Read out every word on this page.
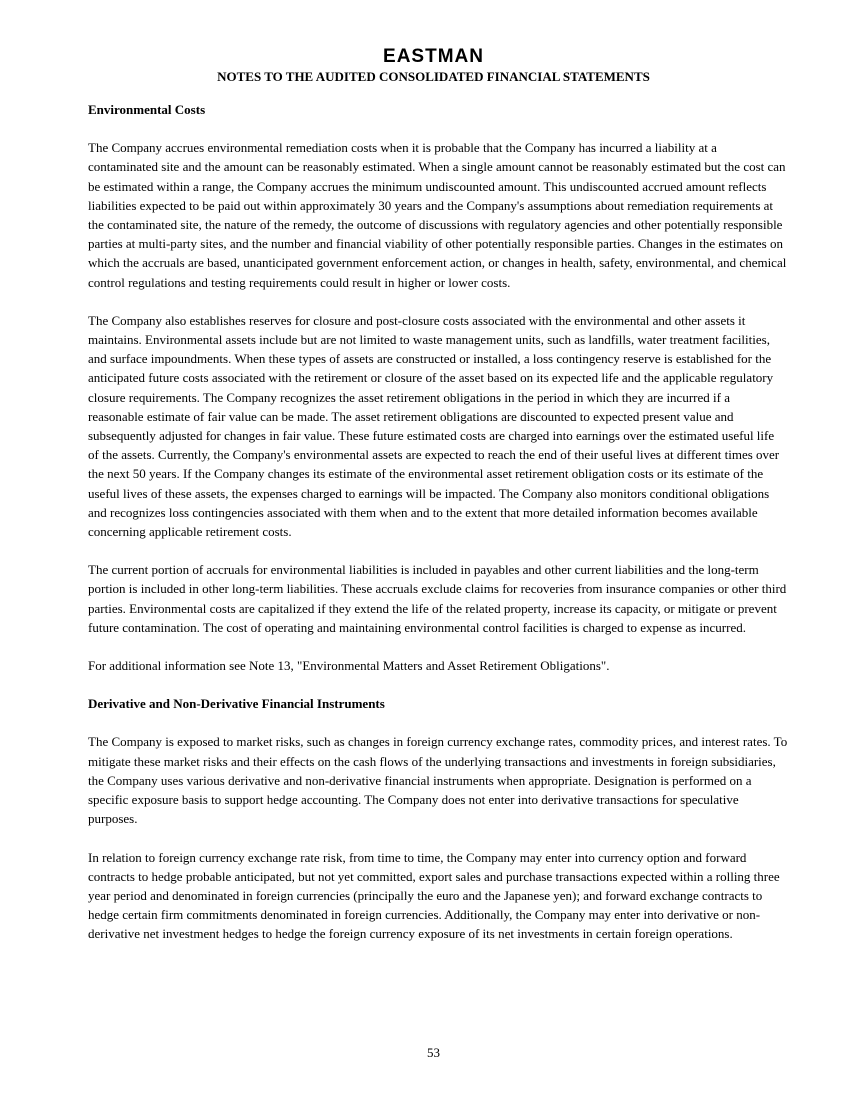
EASTMAN
NOTES TO THE AUDITED CONSOLIDATED FINANCIAL STATEMENTS
Environmental Costs

The Company accrues environmental remediation costs when it is probable that the Company has incurred a liability at a contaminated site and the amount can be reasonably estimated. When a single amount cannot be reasonably estimated but the cost can be estimated within a range, the Company accrues the minimum undiscounted amount. This undiscounted accrued amount reflects liabilities expected to be paid out within approximately 30 years and the Company's assumptions about remediation requirements at the contaminated site, the nature of the remedy, the outcome of discussions with regulatory agencies and other potentially responsible parties at multi-party sites, and the number and financial viability of other potentially responsible parties. Changes in the estimates on which the accruals are based, unanticipated government enforcement action, or changes in health, safety, environmental, and chemical control regulations and testing requirements could result in higher or lower costs.

The Company also establishes reserves for closure and post-closure costs associated with the environmental and other assets it maintains. Environmental assets include but are not limited to waste management units, such as landfills, water treatment facilities, and surface impoundments. When these types of assets are constructed or installed, a loss contingency reserve is established for the anticipated future costs associated with the retirement or closure of the asset based on its expected life and the applicable regulatory closure requirements. The Company recognizes the asset retirement obligations in the period in which they are incurred if a reasonable estimate of fair value can be made. The asset retirement obligations are discounted to expected present value and subsequently adjusted for changes in fair value. These future estimated costs are charged into earnings over the estimated useful life of the assets. Currently, the Company's environmental assets are expected to reach the end of their useful lives at different times over the next 50 years. If the Company changes its estimate of the environmental asset retirement obligation costs or its estimate of the useful lives of these assets, the expenses charged to earnings will be impacted. The Company also monitors conditional obligations and recognizes loss contingencies associated with them when and to the extent that more detailed information becomes available concerning applicable retirement costs.

The current portion of accruals for environmental liabilities is included in payables and other current liabilities and the long-term portion is included in other long-term liabilities. These accruals exclude claims for recoveries from insurance companies or other third parties. Environmental costs are capitalized if they extend the life of the related property, increase its capacity, or mitigate or prevent future contamination. The cost of operating and maintaining environmental control facilities is charged to expense as incurred.

For additional information see Note 13, "Environmental Matters and Asset Retirement Obligations".

Derivative and Non-Derivative Financial Instruments

The Company is exposed to market risks, such as changes in foreign currency exchange rates, commodity prices, and interest rates. To mitigate these market risks and their effects on the cash flows of the underlying transactions and investments in foreign subsidiaries, the Company uses various derivative and non-derivative financial instruments when appropriate. Designation is performed on a specific exposure basis to support hedge accounting. The Company does not enter into derivative transactions for speculative purposes.

In relation to foreign currency exchange rate risk, from time to time, the Company may enter into currency option and forward contracts to hedge probable anticipated, but not yet committed, export sales and purchase transactions expected within a rolling three year period and denominated in foreign currencies (principally the euro and the Japanese yen); and forward exchange contracts to hedge certain firm commitments denominated in foreign currencies. Additionally, the Company may enter into derivative or non-derivative net investment hedges to hedge the foreign currency exposure of its net investments in certain foreign operations.

53
